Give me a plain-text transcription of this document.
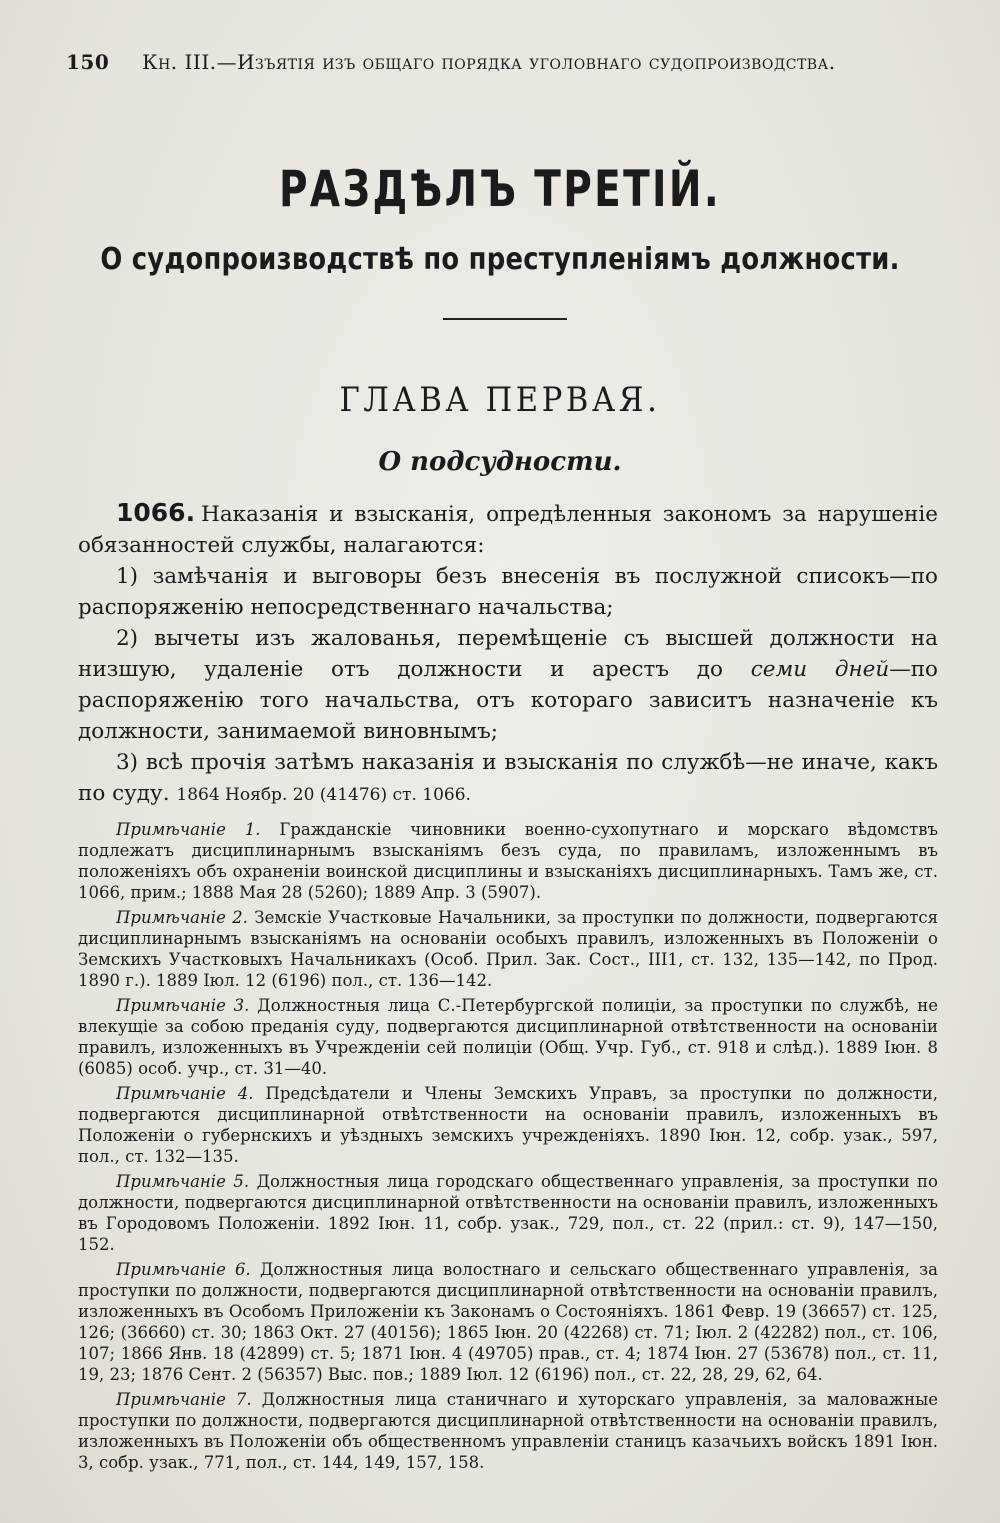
150 Кн. III.—Изъятія изъ общаго порядка уголовнаго судопроизводства.
РАЗДѢЛЪ ТРЕТІЙ.
О судопроизводствѣ по преступленіямъ должности.
ГЛАВА ПЕРВАЯ.
О подсудности.

1066. Наказанія и взысканія, опредѣленныя закономъ за нарушеніе обязанностей службы, налагаются:

1) замѣчанія и выговоры безъ внесенія въ послужной списокъ—по распоряженію непосредственнаго начальства;

2) вычеты изъ жалованья, перемѣщеніе съ высшей должности на низшую, удаленіе отъ должности и арестъ до семи дней—по распоряженію того начальства, отъ котораго зависитъ назначеніе къ должности, занимаемой виновнымъ;

3) всѣ прочія затѣмъ наказанія и взысканія по службѣ—не иначе, какъ по суду. 1864 Ноябр. 20 (41476) ст. 1066.

Примѣчаніе 1. Гражданскіе чиновники военно-сухопутнаго и морскаго вѣдомствъ подлежатъ дисциплинарнымъ взысканіямъ безъ суда, по правиламъ, изложеннымъ въ положеніяхъ объ охраненіи воинской дисциплины и взысканіяхъ дисциплинарныхъ. Тамъ же, ст. 1066, прим.; 1888 Мая 28 (5260); 1889 Апр. 3 (5907).

Примѣчаніе 2. Земскіе Участковые Начальники, за проступки по должности, подвергаются дисциплинарнымъ взысканіямъ на основаніи особыхъ правилъ, изложенныхъ въ Положеніи о Земскихъ Участковыхъ Начальникахъ (Особ. Прил. Зак. Сост., III1, ст. 132, 135—142, по Прод. 1890 г.). 1889 Іюл. 12 (6196) пол., ст. 136—142.

Примѣчаніе 3. Должностныя лица С.-Петербургской полиціи, за проступки по службѣ, не влекущіе за собою преданія суду, подвергаются дисциплинарной отвѣтственности на основаніи правилъ, изложенныхъ въ Учрежденіи сей полиціи (Общ. Учр. Губ., ст. 918 и слѣд.). 1889 Іюн. 8 (6085) особ. учр., ст. 31—40.

Примѣчаніе 4. Предсѣдатели и Члены Земскихъ Управъ, за проступки по должности, подвергаются дисциплинарной отвѣтственности на основаніи правилъ, изложенныхъ въ Положеніи о губернскихъ и уѣздныхъ земскихъ учрежденіяхъ. 1890 Іюн. 12, собр. узак., 597, пол., ст. 132—135.

Примѣчаніе 5. Должностныя лица городскаго общественнаго управленія, за проступки по должности, подвергаются дисциплинарной отвѣтственности на основаніи правилъ, изложенныхъ въ Городовомъ Положеніи. 1892 Іюн. 11, собр. узак., 729, пол., ст. 22 (прил.: ст. 9), 147—150, 152.

Примѣчаніе 6. Должностныя лица волостнаго и сельскаго общественнаго управленія, за проступки по должности, подвергаются дисциплинарной отвѣтственности на основаніи правилъ, изложенныхъ въ Особомъ Приложеніи къ Законамъ о Состояніяхъ. 1861 Февр. 19 (36657) ст. 125, 126; (36660) ст. 30; 1863 Окт. 27 (40156); 1865 Іюн. 20 (42268) ст. 71; Іюл. 2 (42282) пол., ст. 106, 107; 1866 Янв. 18 (42899) ст. 5; 1871 Іюн. 4 (49705) прав., ст. 4; 1874 Іюн. 27 (53678) пол., ст. 11, 19, 23; 1876 Сент. 2 (56357) Выс. пов.; 1889 Іюл. 12 (6196) пол., ст. 22, 28, 29, 62, 64.

Примѣчаніе 7. Должностныя лица станичнаго и хуторскаго управленія, за маловажные проступки по должности, подвергаются дисциплинарной отвѣтственности на основаніи правилъ, изложенныхъ въ Положеніи объ общественномъ управленіи станицъ казачьихъ войскъ 1891 Іюн. 3, собр. узак., 771, пол., ст. 144, 149, 157, 158.
